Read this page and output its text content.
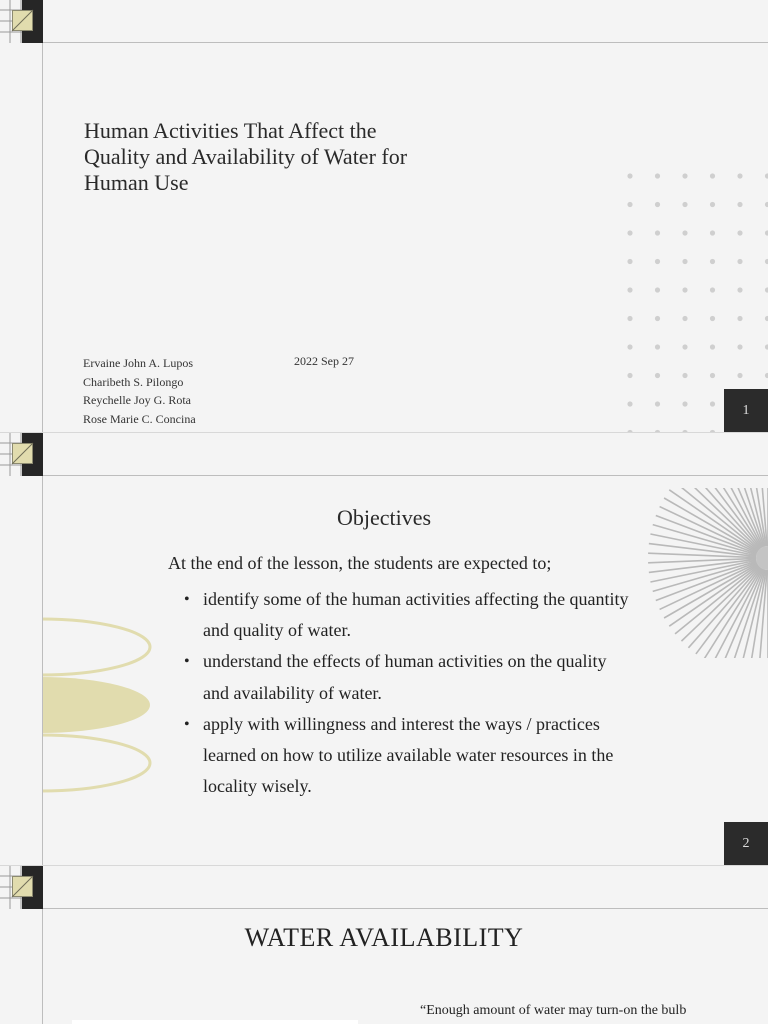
Human Activities That Affect the Quality and Availability of Water for Human Use
Ervaine John A. Lupos
Charibeth S. Pilongo
Reychelle Joy G. Rota
Rose Marie C. Concina
2022 Sep 27
1
Objectives
At the end of the lesson, the students are expected to;
• identify some of the human activities affecting the quantity and quality of water.
• understand the effects of human activities on the quality and availability of water.
• apply with willingness and interest the ways / practices learned on how to utilize available water resources in the locality wisely.
2
WATER AVAILABILITY
“Enough amount of water may turn-on the bulb
